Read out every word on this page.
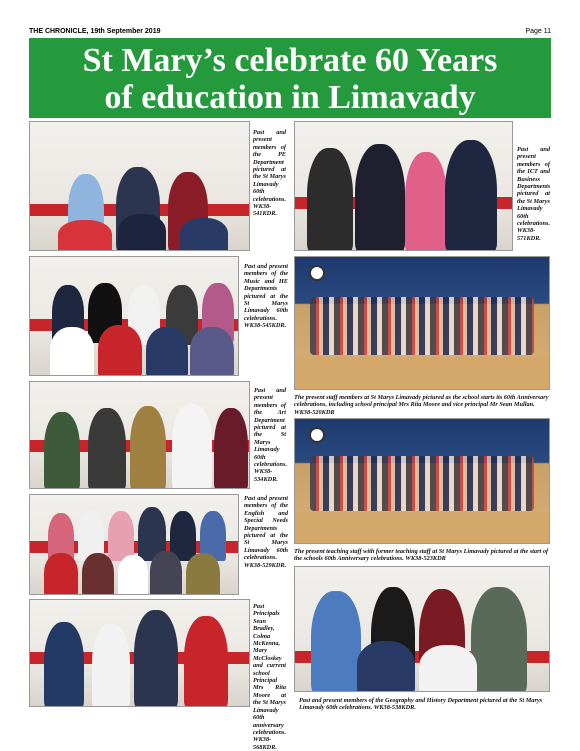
THE CHRONICLE, 19th September 2019	Page 11
St Mary’s celebrate 60 Years
of education in Limavady
Past and present members of the PE Department pictured at the St Marys Limavady 60th celebrations. WK38-541KDR.
Past and present members of the Music and HE Departments pictured at the St Marys Limavady 60th celebrations. WK38-545KDR.
Past and present members of the Art Department pictured at the St Marys Limavady 60th celebrations. WK38-534KDR.
Past and present members of the English and Special Needs Departments pictured at the St Marys Limavady 60th celebrations. WK38-529KDR.
Past Principals Sean Bradley, Colma McKenna, Mary McCloskey and current school Principal Mrs Rita Moore at the St Marys Limavady 60th anniversary celebrations. WK38-568KDR.
Past and present members of the ICT and Business Departments pictured at the St Marys Limavady 60th celebrations. WK38-571KDR.
The present staff members at St Marys Limavady pictured as the school starts its 60th Anniversary celebrations, including school principal Mrs Rita Moore and vice principal Mr Sean Mullan. WK38-520KDR
The present teaching staff with former teaching staff at St Marys Limavady pictured at the start of the schools 60th Anniversary celebrations. WK38-523KDR
Past and present members of the Geography and History Department pictured at the St Marys Limavady 60th celebrations. WK38-538KDR.
